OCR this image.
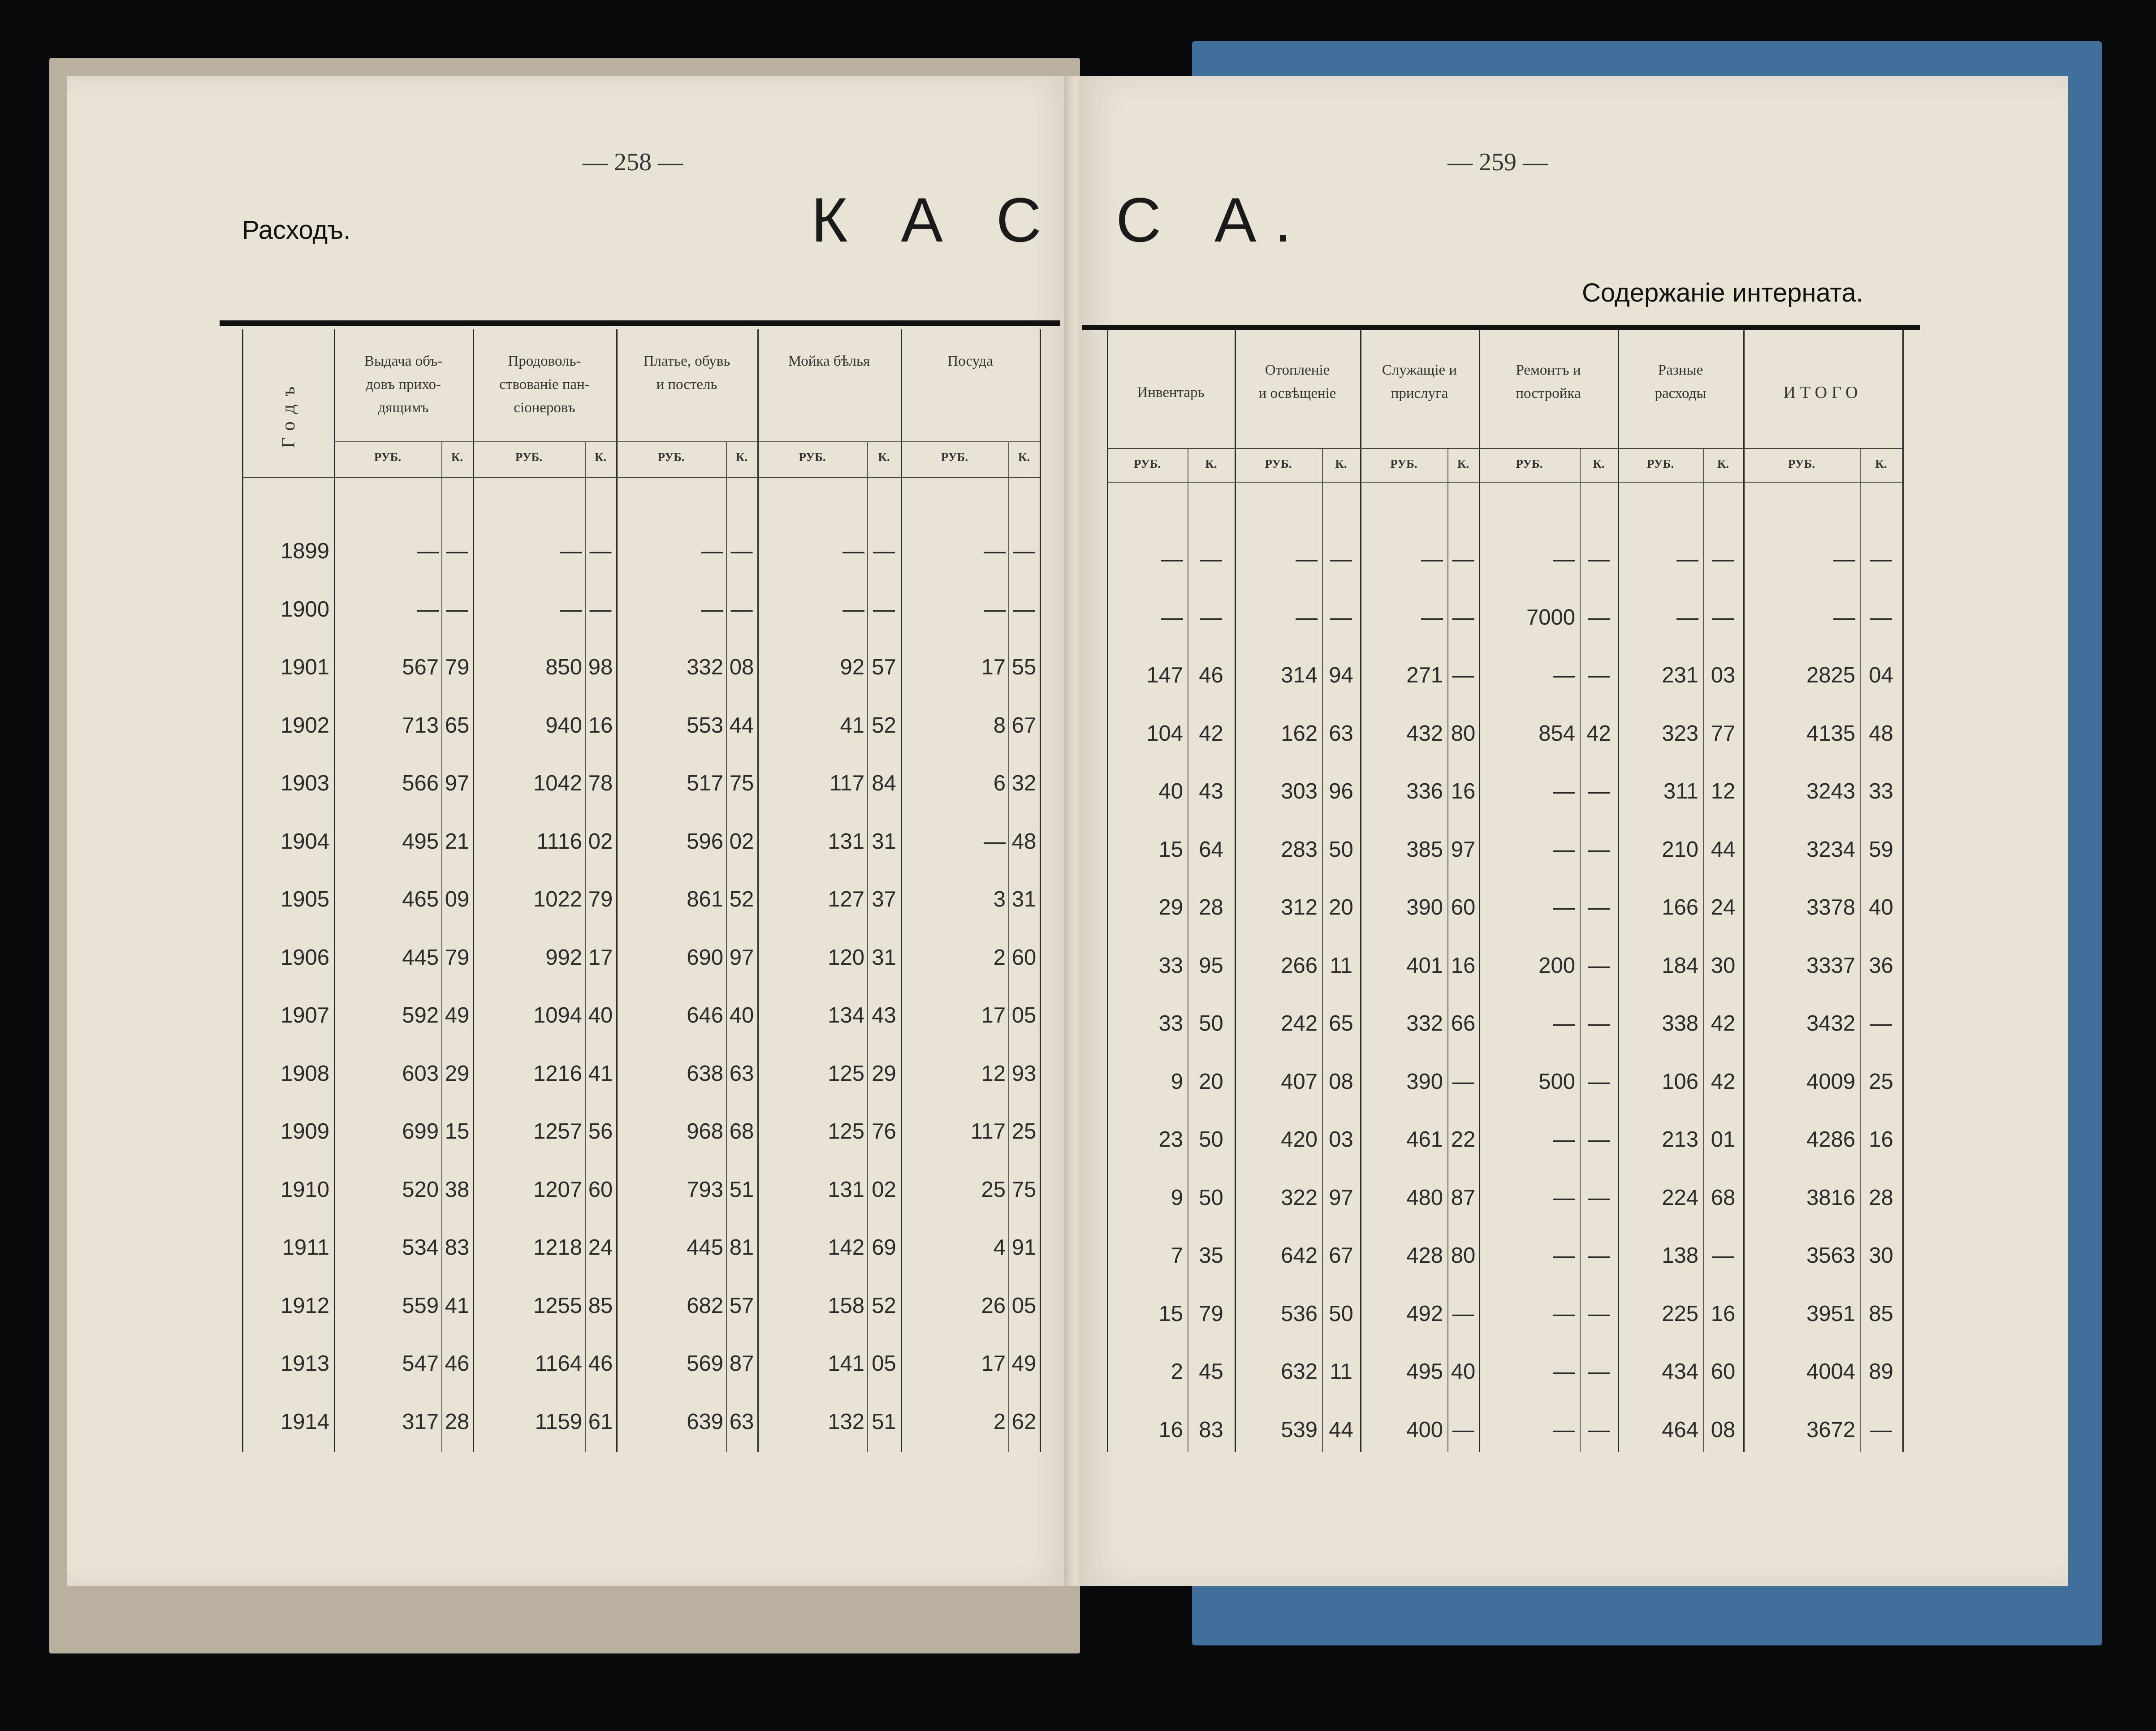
— 258 —
Расходъ.	К А С
— 259 —
С А.
Содержаніе интерната.
Годъ
Выдача объ-
довъ прихо-
дящимъ
РУБ.	К.
Продоволь-
ствованіе пан-
сіонеровъ
РУБ.	К.
Платье, обувь
и постель
РУБ.	К.
Мойка бѣлья
РУБ.	К.
Посуда
РУБ.	К.
1899	— —	— —	— —	— —	— —
1900	— —	— —	— —	— —	— —
1901	567 79	850 98	332 08	92 57	17 55
1902	713 65	940 16	553 44	41 52	8 67
1903	566 97	1042 78	517 75	117 84	6 32
1904	495 21	1116 02	596 02	131 31	— 48
1905	465 09	1022 79	861 52	127 37	3 31
1906	445 79	992 17	690 97	120 31	2 60
1907	592 49	1094 40	646 40	134 43	17 05
1908	603 29	1216 41	638 63	125 29	12 93
1909	699 15	1257 56	968 68	125 76	117 25
1910	520 38	1207 60	793 51	131 02	25 75
1911	534 83	1218 24	445 81	142 69	4 91
1912	559 41	1255 85	682 57	158 52	26 05
1913	547 46	1164 46	569 87	141 05	17 49
1914	317 28	1159 61	639 63	132 51	2 62
Инвентарь
РУБ.	К.
Отопленіе
и освѣщеніе
РУБ.	К.
Служащіе и
прислуга
РУБ.	К.
Ремонтъ и
постройка
РУБ.	К.
Разные
расходы
РУБ.	К.
ИТОГО
РУБ.	К.
— —	— —	— —	— —	— —	— —
— —	— —	— —	7000 —	— —	— —
147 46	314 94	271 —	— —	231 03	2825 04
104 42	162 63	432 80	854 42	323 77	4135 48
40 43	303 96	336 16	— —	311 12	3243 33
15 64	283 50	385 97	— —	210 44	3234 59
29 28	312 20	390 60	— —	166 24	3378 40
33 95	266 11	401 16	200 —	184 30	3337 36
33 50	242 65	332 66	— —	338 42	3432 —
9 20	407 08	390 —	500 —	106 42	4009 25
23 50	420 03	461 22	— —	213 01	4286 16
9 50	322 97	480 87	— —	224 68	3816 28
7 35	642 67	428 80	— —	138 —	3563 30
15 79	536 50	492 —	— —	225 16	3951 85
2 45	632 11	495 40	— —	434 60	4004 89
16 83	539 44	400 —	— —	464 08	3672 —
